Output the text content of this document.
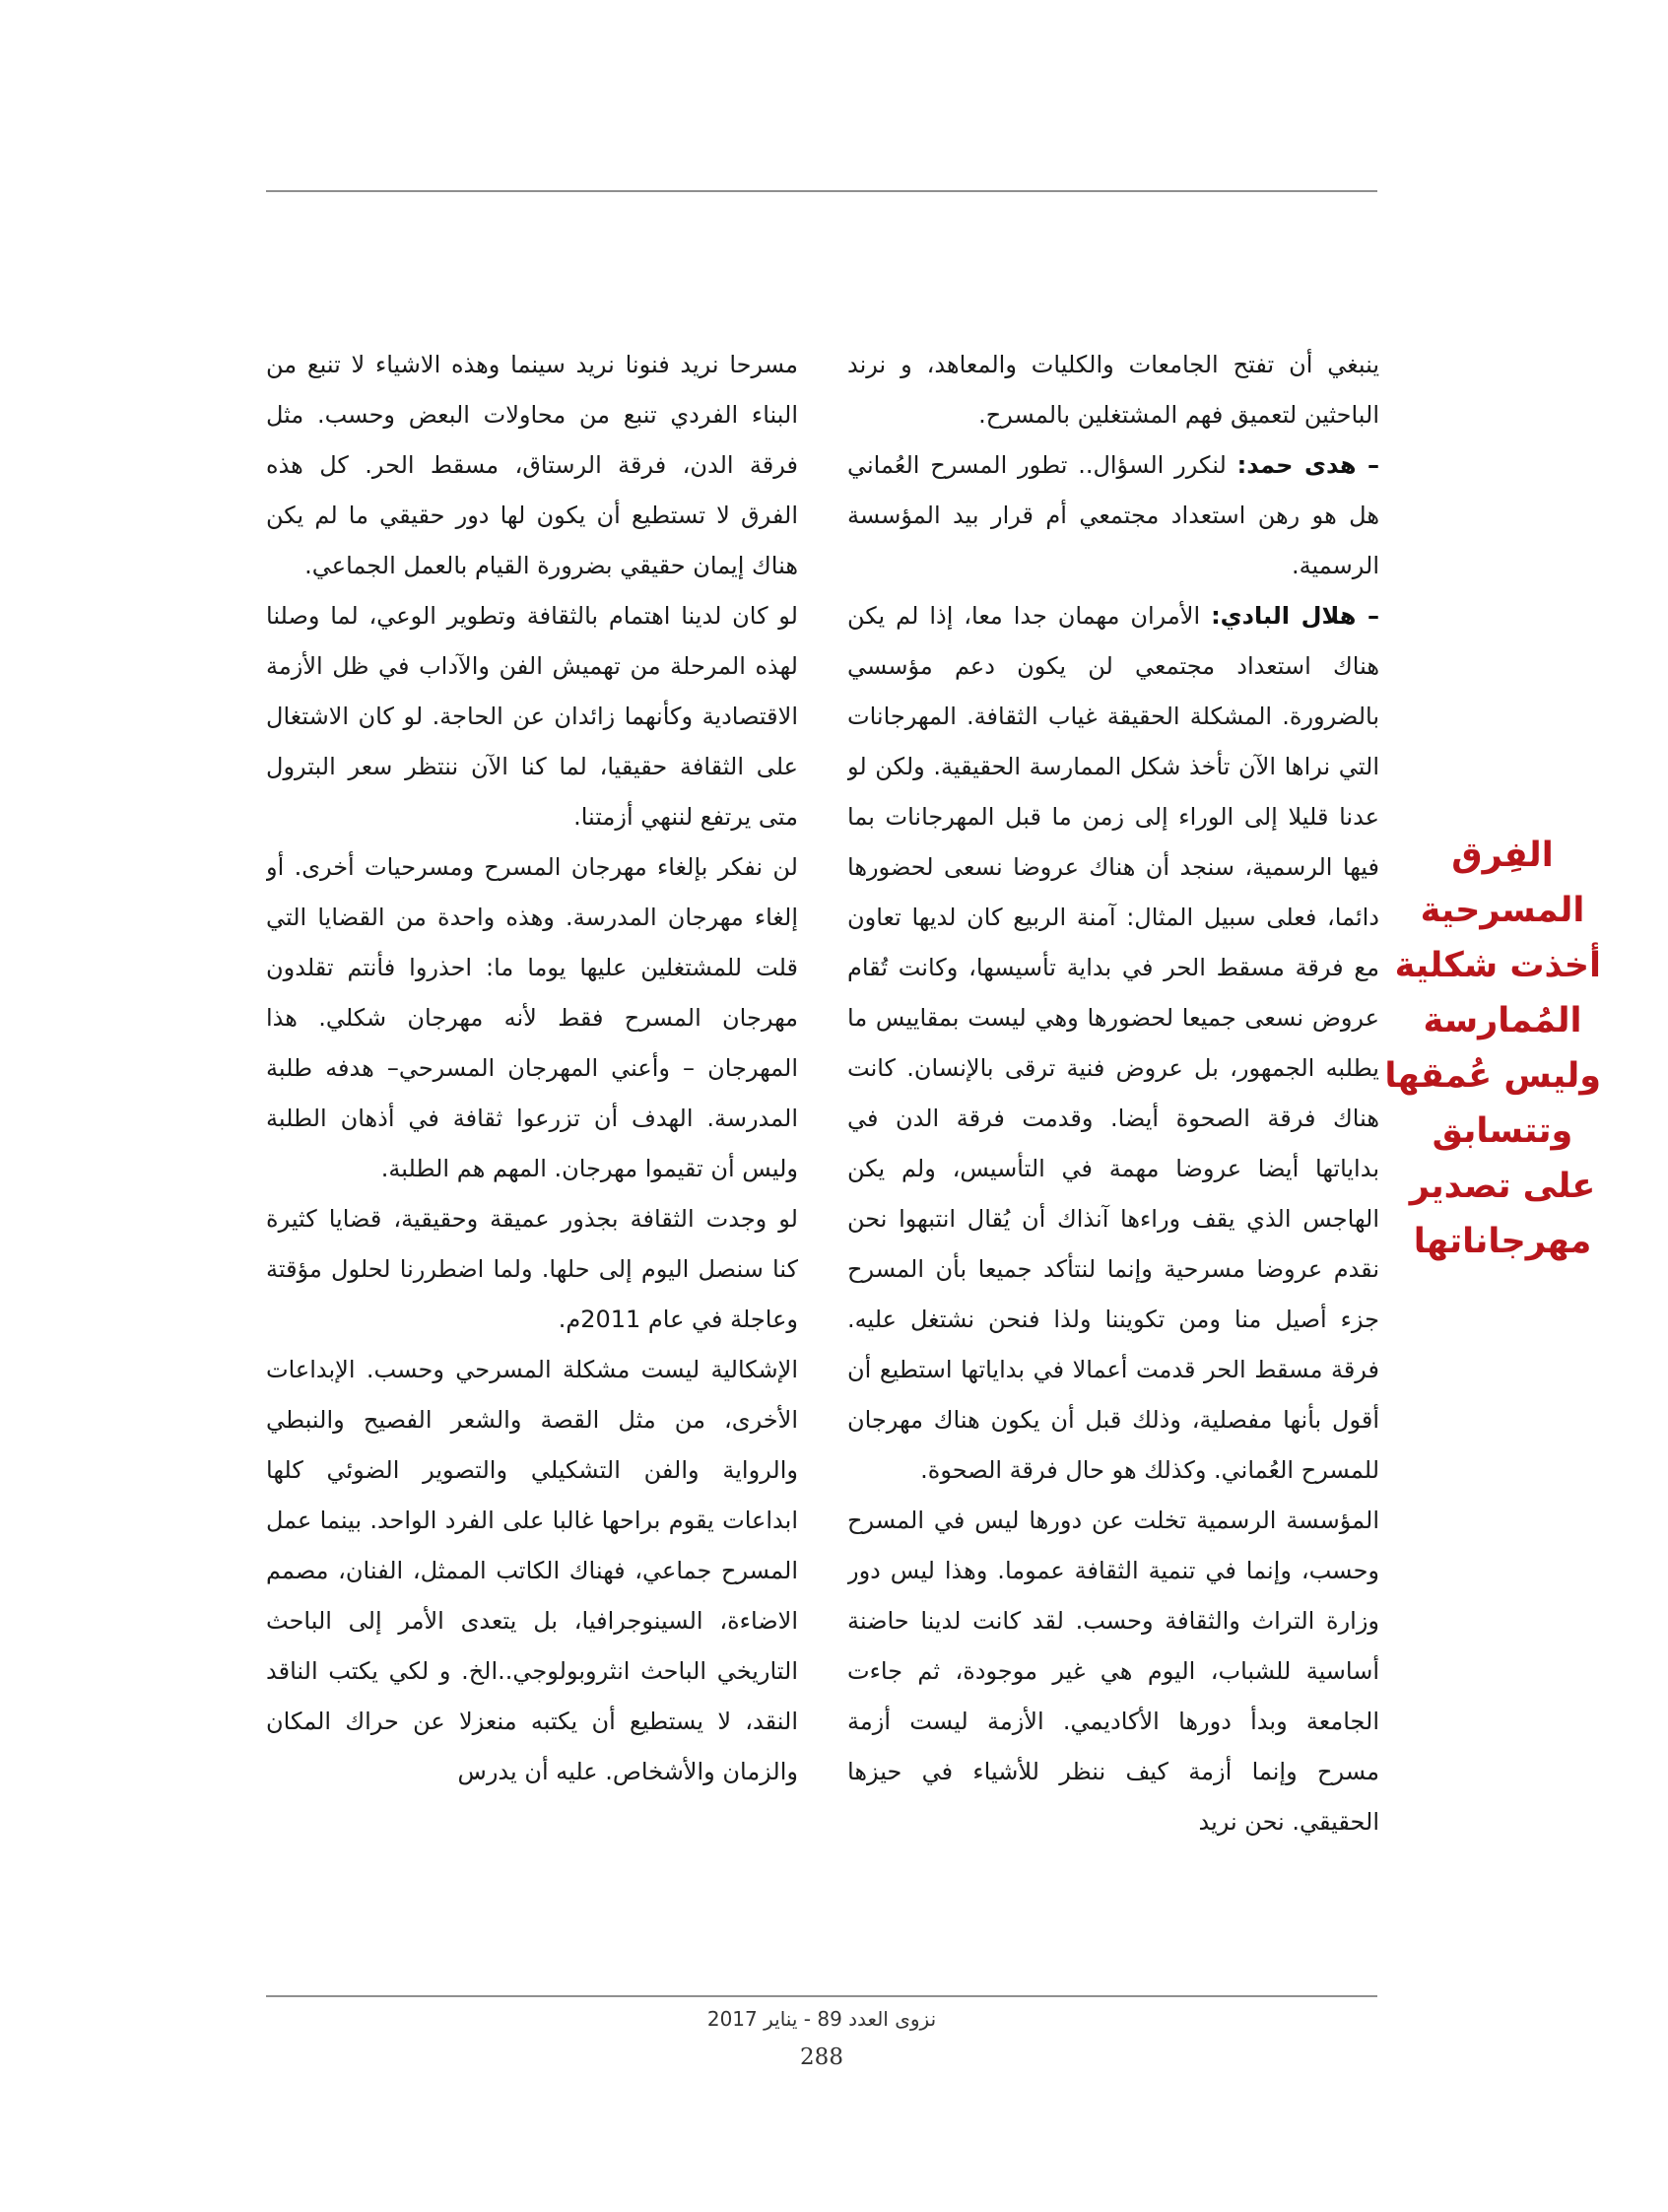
ينبغي أن تفتح الجامعات والكليات والمعاهد، و نرند الباحثين لتعميق فهم المشتغلين بالمسرح.

– هدى حمد: لنكرر السؤال.. تطور المسرح العُماني هل هو رهن استعداد مجتمعي أم قرار بيد المؤسسة الرسمية.

– هلال البادي: الأمران مهمان جدا معا، إذا لم يكن هناك استعداد مجتمعي لن يكون دعم مؤسسي بالضرورة. المشكلة الحقيقة غياب الثقافة. المهرجانات التي نراها الآن تأخذ شكل الممارسة الحقيقية. ولكن لو عدنا قليلا إلى الوراء إلى زمن ما قبل المهرجانات بما فيها الرسمية، سنجد أن هناك عروضا نسعى لحضورها دائما، فعلى سبيل المثال: آمنة الربيع كان لديها تعاون مع فرقة مسقط الحر في بداية تأسيسها، وكانت تُقام عروض نسعى جميعا لحضورها وهي ليست بمقاييس ما يطلبه الجمهور، بل عروض فنية ترقى بالإنسان. كانت هناك فرقة الصحوة أيضا. وقدمت فرقة الدن في بداياتها أيضا عروضا مهمة في التأسيس، ولم يكن الهاجس الذي يقف وراءها آنذاك أن يُقال انتبهوا نحن نقدم عروضا مسرحية وإنما لنتأكد جميعا بأن المسرح جزء أصيل منا ومن تكويننا ولذا فنحن نشتغل عليه. فرقة مسقط الحر قدمت أعمالا في بداياتها استطيع أن أقول بأنها مفصلية، وذلك قبل أن يكون هناك مهرجان للمسرح العُماني. وكذلك هو حال فرقة الصحوة.

المؤسسة الرسمية تخلت عن دورها ليس في المسرح وحسب، وإنما في تنمية الثقافة عموما. وهذا ليس دور وزارة التراث والثقافة وحسب. لقد كانت لدينا حاضنة أساسية للشباب، اليوم هي غير موجودة، ثم جاءت الجامعة وبدأ دورها الأكاديمي. الأزمة ليست أزمة مسرح وإنما أزمة كيف ننظر للأشياء في حيزها الحقيقي. نحن نريد

مسرحا نريد فنونا نريد سينما وهذه الاشياء لا تنبع من البناء الفردي تنبع من محاولات البعض وحسب. مثل فرقة الدن، فرقة الرستاق، مسقط الحر. كل هذه الفرق لا تستطيع أن يكون لها دور حقيقي ما لم يكن هناك إيمان حقيقي بضرورة القيام بالعمل الجماعي.

لو كان لدينا اهتمام بالثقافة وتطوير الوعي، لما وصلنا لهذه المرحلة من تهميش الفن والآداب في ظل الأزمة الاقتصادية وكأنهما زائدان عن الحاجة. لو كان الاشتغال على الثقافة حقيقيا، لما كنا الآن ننتظر سعر البترول متى يرتفع لننهي أزمتنا.

لن نفكر بإلغاء مهرجان المسرح ومسرحيات أخرى. أو إلغاء مهرجان المدرسة. وهذه واحدة من القضايا التي قلت للمشتغلين عليها يوما ما: احذروا فأنتم تقلدون مهرجان المسرح فقط لأنه مهرجان شكلي. هذا المهرجان – وأعني المهرجان المسرحي– هدفه طلبة المدرسة. الهدف أن تزرعوا ثقافة في أذهان الطلبة وليس أن تقيموا مهرجان. المهم هم الطلبة.

لو وجدت الثقافة بجذور عميقة وحقيقية، قضايا كثيرة كنا سنصل اليوم إلى حلها. ولما اضطررنا لحلول مؤقتة وعاجلة في عام 2011م.

الإشكالية ليست مشكلة المسرحي وحسب. الإبداعات الأخرى، من مثل القصة والشعر الفصيح والنبطي والرواية والفن التشكيلي والتصوير الضوئي كلها ابداعات يقوم براحها غالبا على الفرد الواحد. بينما عمل المسرح جماعي، فهناك الكاتب الممثل، الفنان، مصمم الاضاءة، السينوجرافيا، بل يتعدى الأمر إلى الباحث التاريخي الباحث انثروبولوجي..الخ. و لكي يكتب الناقد النقد، لا يستطيع أن يكتبه منعزلا عن حراك المكان والزمان والأشخاص. عليه أن يدرس

الفِرق
المسرحية
أخذت شكلية
المُمارسة
وليس عُمقها
وتتسابق
على تصدير
مهرجاناتها
نزوى العدد 89 - يناير 2017
288
